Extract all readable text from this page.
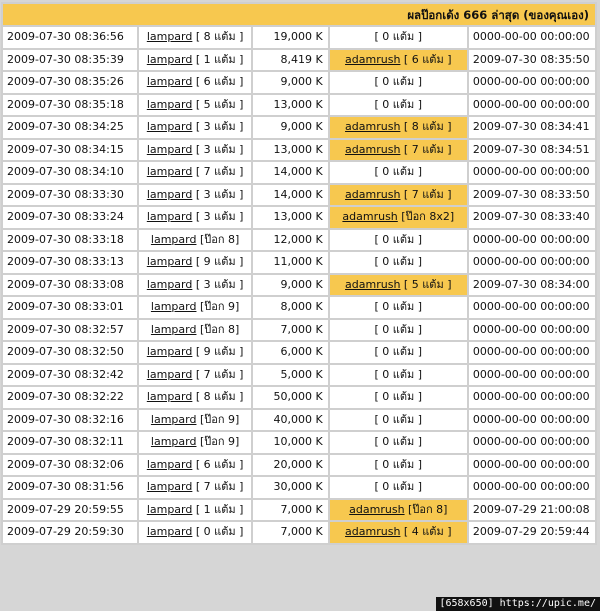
ผลป๊อกเด้ง 666 ล่าสุด (ของคุณเอง)				
2009-07-30 08:36:56	lampard [ 8 แต้ม ]	19,000 K	[ 0 แต้ม ]	0000-00-00 00:00:00
2009-07-30 08:35:39	lampard [ 1 แต้ม ]	8,419 K	adamrush [ 6 แต้ม ]	2009-07-30 08:35:50
2009-07-30 08:35:26	lampard [ 6 แต้ม ]	9,000 K	[ 0 แต้ม ]	0000-00-00 00:00:00
2009-07-30 08:35:18	lampard [ 5 แต้ม ]	13,000 K	[ 0 แต้ม ]	0000-00-00 00:00:00
2009-07-30 08:34:25	lampard [ 3 แต้ม ]	9,000 K	adamrush [ 8 แต้ม ]	2009-07-30 08:34:41
2009-07-30 08:34:15	lampard [ 3 แต้ม ]	13,000 K	adamrush [ 7 แต้ม ]	2009-07-30 08:34:51
2009-07-30 08:34:10	lampard [ 7 แต้ม ]	14,000 K	[ 0 แต้ม ]	0000-00-00 00:00:00
2009-07-30 08:33:30	lampard [ 3 แต้ม ]	14,000 K	adamrush [ 7 แต้ม ]	2009-07-30 08:33:50
2009-07-30 08:33:24	lampard [ 3 แต้ม ]	13,000 K	adamrush [ป๊อก 8x2]	2009-07-30 08:33:40
2009-07-30 08:33:18	lampard [ป๊อก 8]	12,000 K	[ 0 แต้ม ]	0000-00-00 00:00:00
2009-07-30 08:33:13	lampard [ 9 แต้ม ]	11,000 K	[ 0 แต้ม ]	0000-00-00 00:00:00
2009-07-30 08:33:08	lampard [ 3 แต้ม ]	9,000 K	adamrush [ 5 แต้ม ]	2009-07-30 08:34:00
2009-07-30 08:33:01	lampard [ป๊อก 9]	8,000 K	[ 0 แต้ม ]	0000-00-00 00:00:00
2009-07-30 08:32:57	lampard [ป๊อก 8]	7,000 K	[ 0 แต้ม ]	0000-00-00 00:00:00
2009-07-30 08:32:50	lampard [ 9 แต้ม ]	6,000 K	[ 0 แต้ม ]	0000-00-00 00:00:00
2009-07-30 08:32:42	lampard [ 7 แต้ม ]	5,000 K	[ 0 แต้ม ]	0000-00-00 00:00:00
2009-07-30 08:32:22	lampard [ 8 แต้ม ]	50,000 K	[ 0 แต้ม ]	0000-00-00 00:00:00
2009-07-30 08:32:16	lampard [ป๊อก 9]	40,000 K	[ 0 แต้ม ]	0000-00-00 00:00:00
2009-07-30 08:32:11	lampard [ป๊อก 9]	10,000 K	[ 0 แต้ม ]	0000-00-00 00:00:00
2009-07-30 08:32:06	lampard [ 6 แต้ม ]	20,000 K	[ 0 แต้ม ]	0000-00-00 00:00:00
2009-07-30 08:31:56	lampard [ 7 แต้ม ]	30,000 K	[ 0 แต้ม ]	0000-00-00 00:00:00
2009-07-29 20:59:55	lampard [ 1 แต้ม ]	7,000 K	adamrush [ป๊อก 8]	2009-07-29 21:00:08
2009-07-29 20:59:30	lampard [ 0 แต้ม ]	7,000 K	adamrush [ 4 แต้ม ]	2009-07-29 20:59:44
[658x650] https://upic.me/
